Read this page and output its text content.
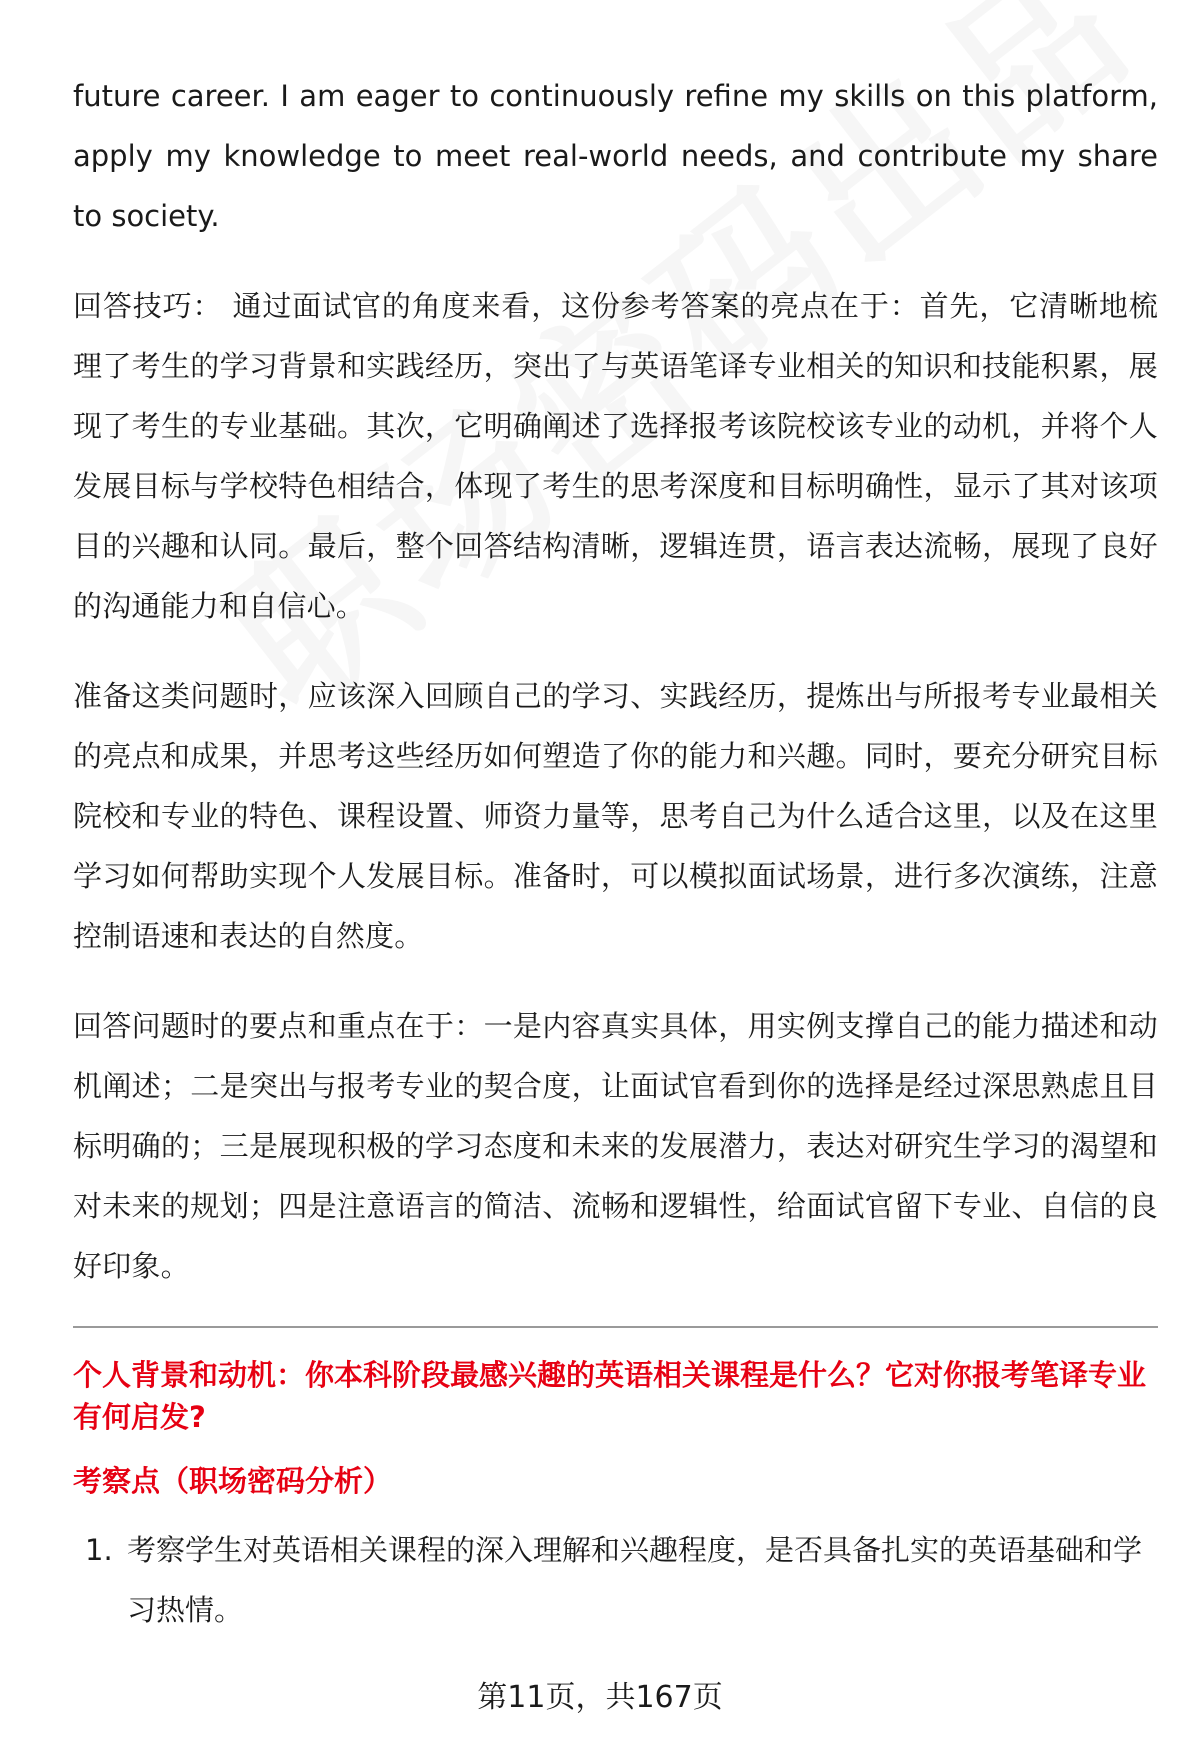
future career. I am eager to continuously refine my skills on this platform, apply my knowledge to meet real-world needs, and contribute my share to society.

回答技巧： 通过面试官的角度来看，这份参考答案的亮点在于：首先，它清晰地梳理了考生的学习背景和实践经历，突出了与英语笔译专业相关的知识和技能积累，展现了考生的专业基础。其次，它明确阐述了选择报考该院校该专业的动机，并将个人发展目标与学校特色相结合，体现了考生的思考深度和目标明确性，显示了其对该项目的兴趣和认同。最后，整个回答结构清晰，逻辑连贯，语言表达流畅，展现了良好的沟通能力和自信心。

准备这类问题时，应该深入回顾自己的学习、实践经历，提炼出与所报考专业最相关的亮点和成果，并思考这些经历如何塑造了你的能力和兴趣。同时，要充分研究目标院校和专业的特色、课程设置、师资力量等，思考自己为什么适合这里，以及在这里学习如何帮助实现个人发展目标。准备时，可以模拟面试场景，进行多次演练，注意控制语速和表达的自然度。

回答问题时的要点和重点在于：一是内容真实具体，用实例支撑自己的能力描述和动机阐述；二是突出与报考专业的契合度，让面试官看到你的选择是经过深思熟虑且目标明确的；三是展现积极的学习态度和未来的发展潜力，表达对研究生学习的渴望和对未来的规划；四是注意语言的简洁、流畅和逻辑性，给面试官留下专业、自信的良好印象。

个人背景和动机：你本科阶段最感兴趣的英语相关课程是什么？它对你报考笔译专业有何启发?
考察点（职场密码分析）
1. 考察学生对英语相关课程的深入理解和兴趣程度，是否具备扎实的英语基础和学习热情。
第11页，共167页
